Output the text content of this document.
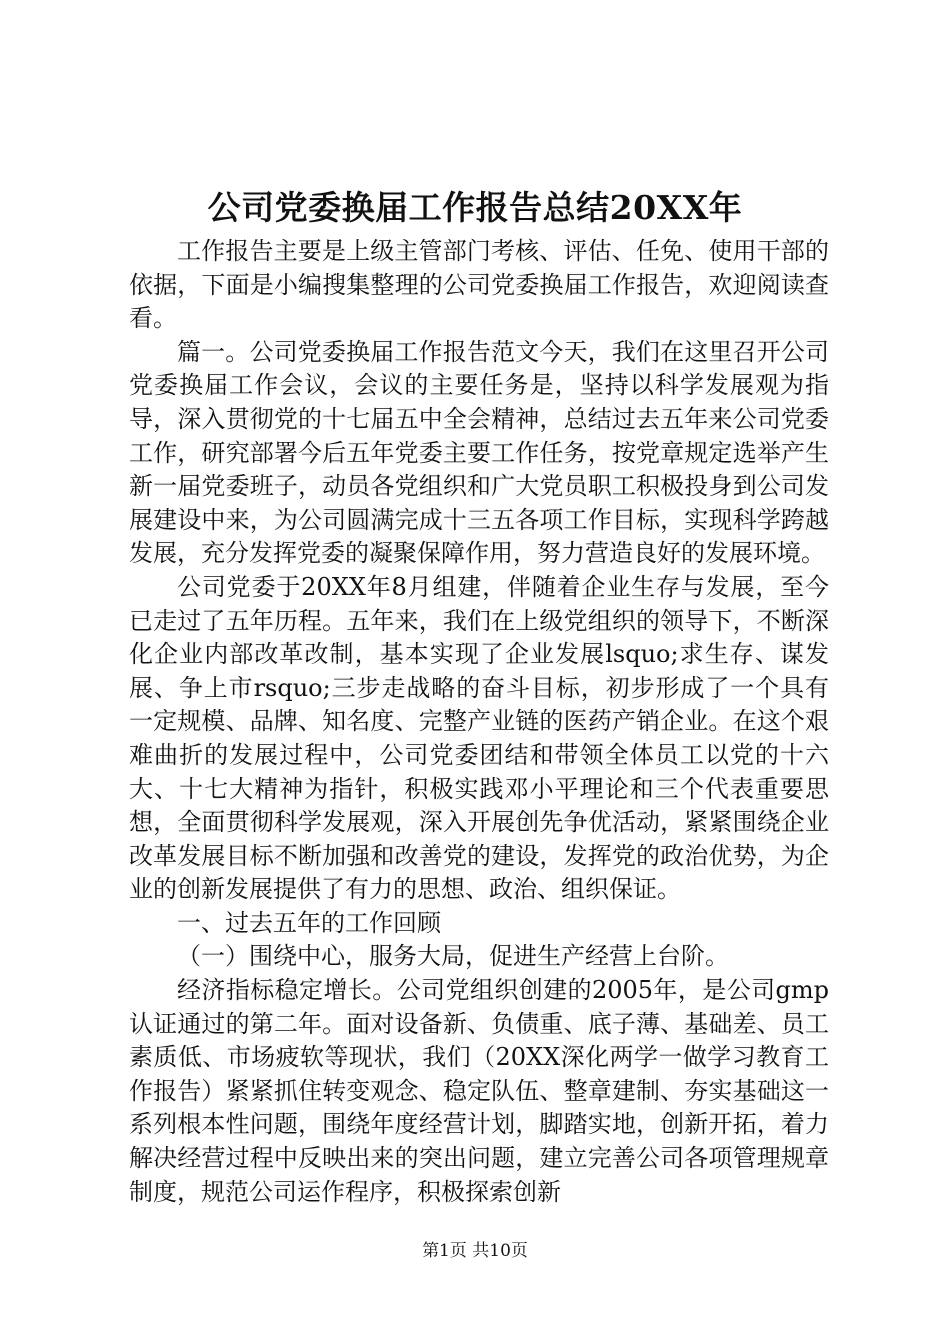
公司党委换届工作报告总结20XX年

工作报告主要是上级主管部门考核、评估、任免、使用干部的依据，下面是小编搜集整理的公司党委换届工作报告，欢迎阅读查看。

篇一。公司党委换届工作报告范文今天，我们在这里召开公司党委换届工作会议，会议的主要任务是，坚持以科学发展观为指导，深入贯彻党的十七届五中全会精神，总结过去五年来公司党委工作，研究部署今后五年党委主要工作任务，按党章规定选举产生新一届党委班子，动员各党组织和广大党员职工积极投身到公司发展建设中来，为公司圆满完成十三五各项工作目标，实现科学跨越发展，充分发挥党委的凝聚保障作用，努力营造良好的发展环境。

公司党委于20XX年8月组建，伴随着企业生存与发展，至今已走过了五年历程。五年来，我们在上级党组织的领导下，不断深化企业内部改革改制，基本实现了企业发展lsquo;求生存、谋发展、争上市rsquo;三步走战略的奋斗目标，初步形成了一个具有一定规模、品牌、知名度、完整产业链的医药产销企业。在这个艰难曲折的发展过程中，公司党委团结和带领全体员工以党的十六大、十七大精神为指针，积极实践邓小平理论和三个代表重要思想，全面贯彻科学发展观，深入开展创先争优活动，紧紧围绕企业改革发展目标不断加强和改善党的建设，发挥党的政治优势，为企业的创新发展提供了有力的思想、政治、组织保证。

一、过去五年的工作回顾

（一）围绕中心，服务大局，促进生产经营上台阶。

经济指标稳定增长。公司党组织创建的2005年，是公司gmp认证通过的第二年。面对设备新、负债重、底子薄、基础差、员工素质低、市场疲软等现状，我们（20XX深化两学一做学习教育工作报告）紧紧抓住转变观念、稳定队伍、整章建制、夯实基础这一系列根本性问题，围绕年度经营计划，脚踏实地，创新开拓，着力解决经营过程中反映出来的突出问题，建立完善公司各项管理规章制度，规范公司运作程序，积极探索创新

第1页 共10页
